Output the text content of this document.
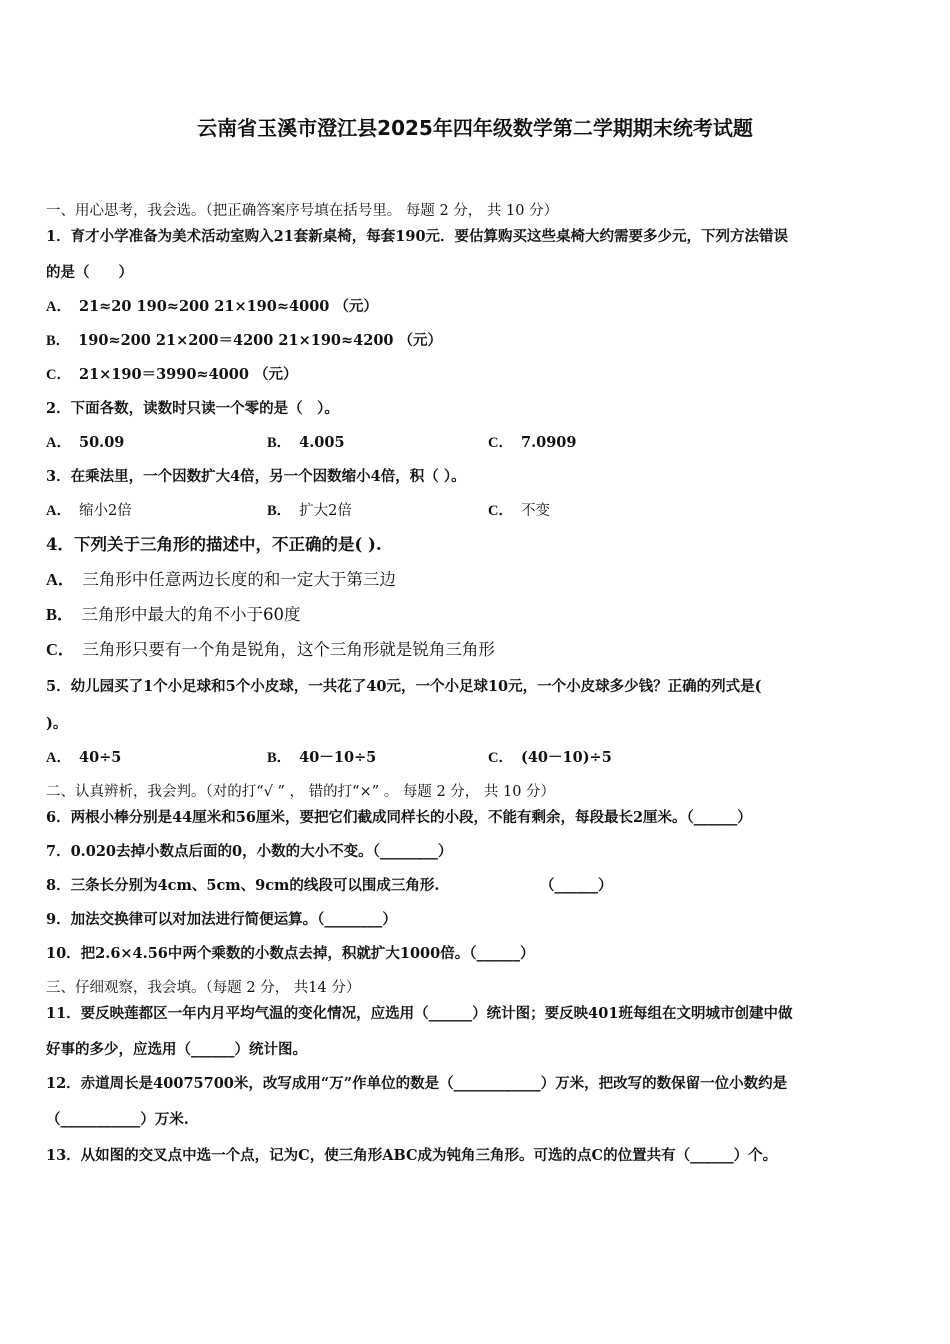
云南省玉溪市澄江县2025年四年级数学第二学期期末统考试题
一、用心思考，我会选。（把正确答案序号填在括号里。 每题 2 分， 共 10 分）
1．育才小学准备为美术活动室购入21套新桌椅，每套190元．要估算购买这些桌椅大约需要多少元，下列方法错误
的是（　　）
A． 21≈20 190≈200 21×190≈4000 （元）
B． 190≈200 21×200＝4200 21×190≈4200 （元）
C． 21×190＝3990≈4000 （元）
2．下面各数，读数时只读一个零的是（　）。
A． 50.09	B． 4.005	C． 7.0909
3．在乘法里，一个因数扩大4倍，另一个因数缩小4倍，积（ ）。
A． 缩小2倍	B． 扩大2倍	C． 不变
4．下列关于三角形的描述中，不正确的是( ).
A． 三角形中任意两边长度的和一定大于第三边
B． 三角形中最大的角不小于60度
C． 三角形只要有一个角是锐角，这个三角形就是锐角三角形
5．幼儿园买了1个小足球和5个小皮球，一共花了40元，一个小足球10元，一个小皮球多少钱？正确的列式是(
)。
A． 40÷5	B． 40－10÷5	C． (40－10)÷5
二、认真辨析，我会判。（对的打“√ ” ， 错的打“×” 。 每题 2 分， 共 10 分）
6．两根小棒分别是44厘米和56厘米，要把它们截成同样长的小段，不能有剩余，每段最长2厘米。（______）
7．0.020去掉小数点后面的0，小数的大小不变。（________）
8．三条长分别为4cm、5cm、9cm的线段可以围成三角形.	（______）
9．加法交换律可以对加法进行简便运算。（________）
10．把2.6×4.56中两个乘数的小数点去掉，积就扩大1000倍。（______）
三、仔细观察，我会填。（每题 2 分， 共14 分）
11．要反映莲都区一年内月平均气温的变化情况，应选用（______）统计图；要反映401班每组在文明城市创建中做
好事的多少，应选用（______）统计图。
12．赤道周长是40075700米，改写成用“万”作单位的数是（____________）万米，把改写的数保留一位小数约是
（___________）万米.
13．从如图的交叉点中选一个点，记为C，使三角形ABC成为钝角三角形。可选的点C的位置共有（______）个。
